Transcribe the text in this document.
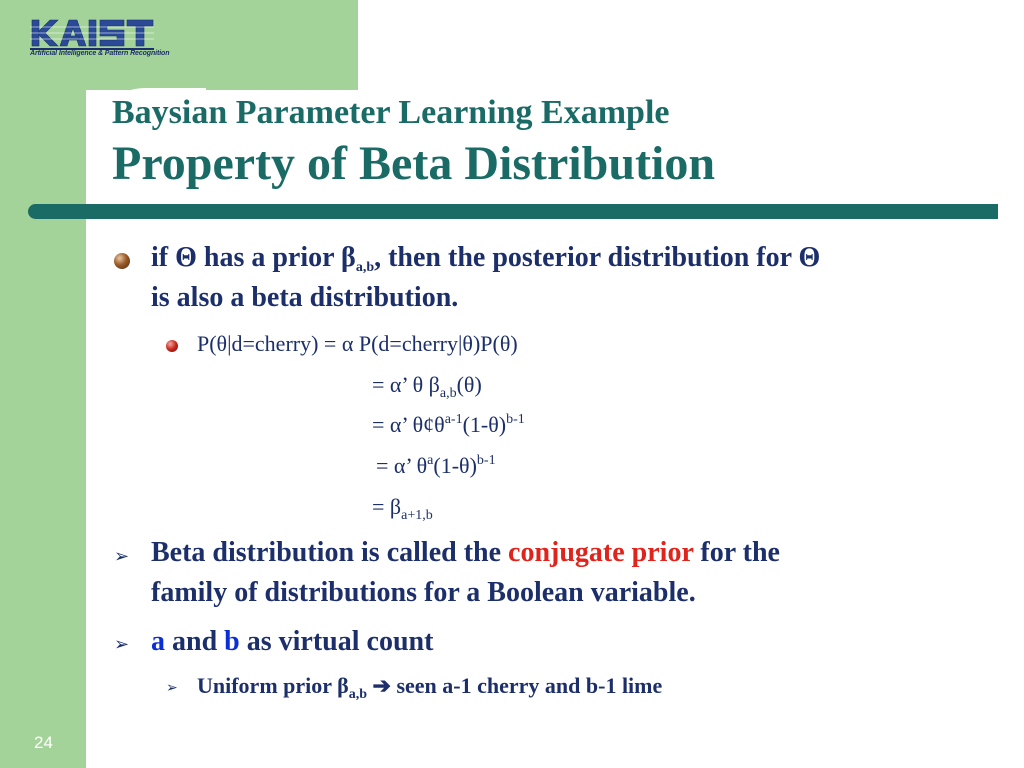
Artificial Intelligence & Pattern Recognition
Baysian Parameter Learning Example
Property of Beta Distribution
if Θ has a prior $\beta_{a,b}$, then the posterior distribution for Θ
is also a beta distribution.
P(θ|d=cherry) = α P(d=cherry|θ)P(θ)
= α’ θ $\beta_{a,b}(\theta)$
= α’ $\theta¢\theta^{a-1}(1-\theta)^{b-1}$
= α’ $\theta^a(1-\theta)^{b-1}$
= $\beta_{a+1,b}$
➢ Beta distribution is called the conjugate prior for the
family of distributions for a Boolean variable.
➢ a and b as virtual count
➢ Uniform prior $\beta_{a,b}$ ➔ seen a-1 cherry and b-1 lime
24
